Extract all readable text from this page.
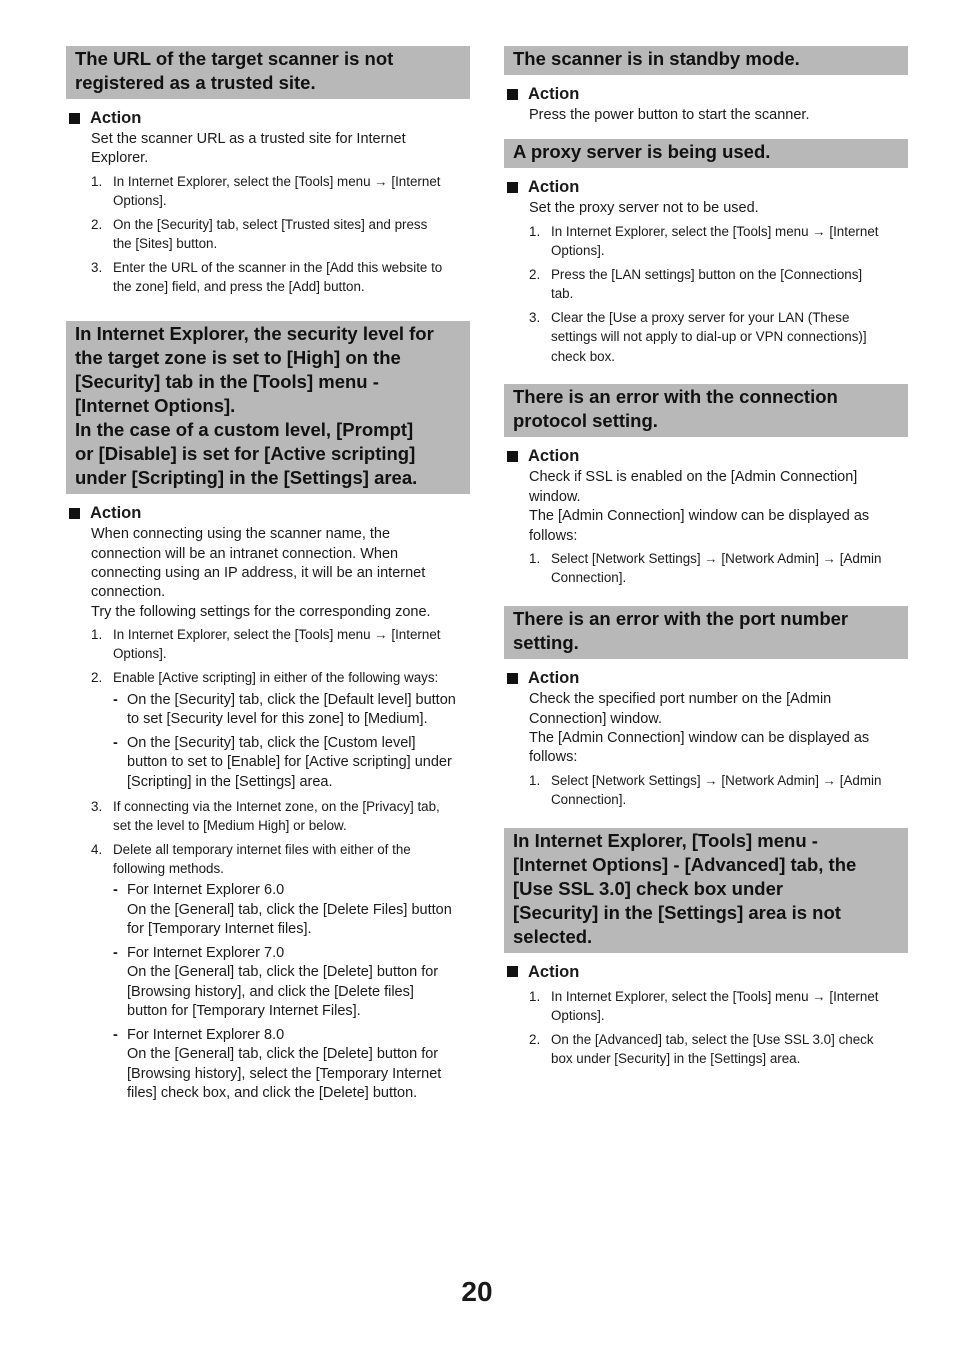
The URL of the target scanner is not
registered as a trusted site.
Action

Set the scanner URL as a trusted site for Internet
Explorer.

1. In Internet Explorer, select the [Tools] menu → [Internet
Options].
2. On the [Security] tab, select [Trusted sites] and press
the [Sites] button.
3. Enter the URL of the scanner in the [Add this website to
the zone] field, and press the [Add] button.
In Internet Explorer, the security level for
the target zone is set to [High] on the
[Security] tab in the [Tools] menu -
[Internet Options].
In the case of a custom level, [Prompt]
or [Disable] is set for [Active scripting]
under [Scripting] in the [Settings] area.
Action

When connecting using the scanner name, the
connection will be an intranet connection. When
connecting using an IP address, it will be an internet
connection.
Try the following settings for the corresponding zone.

1. In Internet Explorer, select the [Tools] menu → [Internet
Options].
2. Enable [Active scripting] in either of the following ways:
- On the [Security] tab, click the [Default level] button
to set [Security level for this zone] to [Medium].
- On the [Security] tab, click the [Custom level]
button to set to [Enable] for [Active scripting] under
[Scripting] in the [Settings] area.
3. If connecting via the Internet zone, on the [Privacy] tab,
set the level to [Medium High] or below.
4. Delete all temporary internet files with either of the
following methods.
- For Internet Explorer 6.0
On the [General] tab, click the [Delete Files] button
for [Temporary Internet files].
- For Internet Explorer 7.0
On the [General] tab, click the [Delete] button for
[Browsing history], and click the [Delete files]
button for [Temporary Internet Files].
- For Internet Explorer 8.0
On the [General] tab, click the [Delete] button for
[Browsing history], select the [Temporary Internet
files] check box, and click the [Delete] button.
The scanner is in standby mode.
Action

Press the power button to start the scanner.

A proxy server is being used.
Action

Set the proxy server not to be used.

1. In Internet Explorer, select the [Tools] menu → [Internet
Options].
2. Press the [LAN settings] button on the [Connections]
tab.
3. Clear the [Use a proxy server for your LAN (These
settings will not apply to dial-up or VPN connections)]
check box.
There is an error with the connection
protocol setting.
Action

Check if SSL is enabled on the [Admin Connection]
window.
The [Admin Connection] window can be displayed as
follows:

1. Select [Network Settings] → [Network Admin] → [Admin
Connection].
There is an error with the port number
setting.
Action

Check the specified port number on the [Admin
Connection] window.
The [Admin Connection] window can be displayed as
follows:

1. Select [Network Settings] → [Network Admin] → [Admin
Connection].
In Internet Explorer, [Tools] menu -
[Internet Options] - [Advanced] tab, the
[Use SSL 3.0] check box under
[Security] in the [Settings] area is not
selected.
Action
1. In Internet Explorer, select the [Tools] menu → [Internet
Options].
2. On the [Advanced] tab, select the [Use SSL 3.0] check
box under [Security] in the [Settings] area.
20
